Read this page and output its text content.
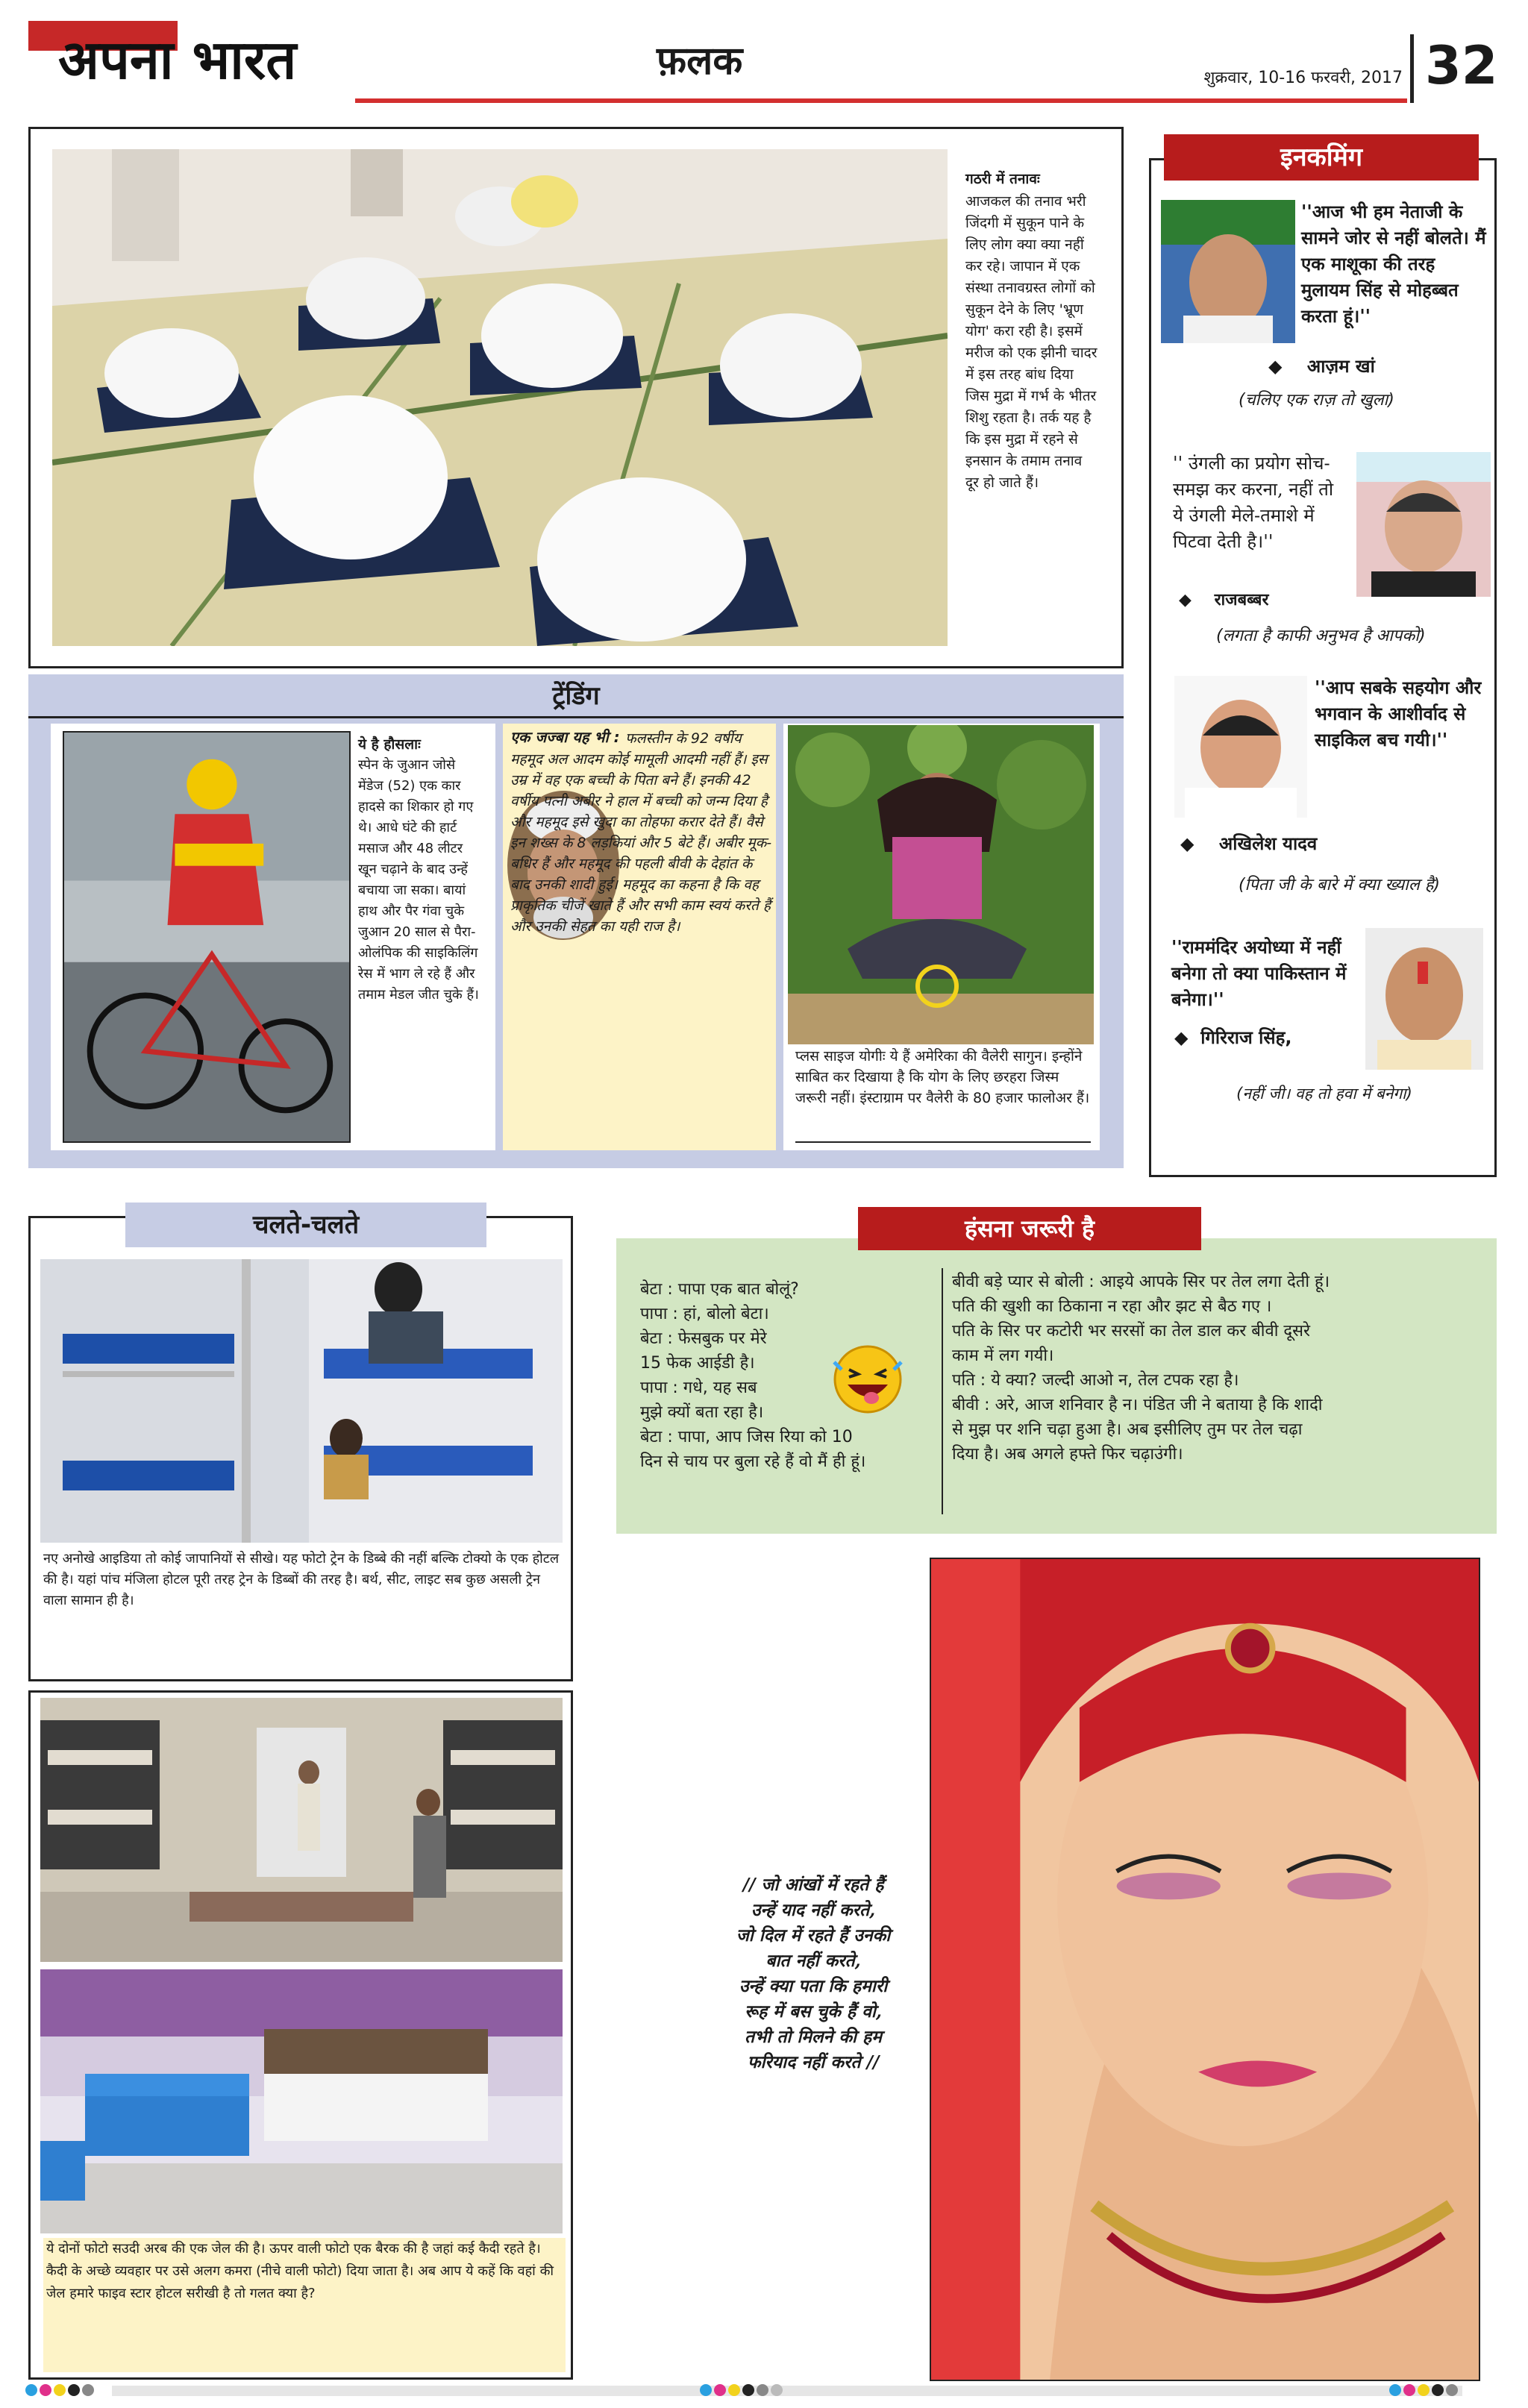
अपना भारत	फ़लक	शुक्रवार, 10-16 फरवरी, 2017 32
गठरी में तनावः
आजकल की तनाव भरी जिंदगी में सुकून पाने के लिए लोग क्या क्या नहीं कर रहे। जापान में एक संस्था तनावग्रस्त लोगों को सुकून देने के लिए 'भ्रूण योग' करा रही है। इसमें मरीज को एक झीनी चादर में इस तरह बांध दिया जिस मुद्रा में गर्भ के भीतर शिशु रहता है। तर्क यह है कि इस मुद्रा में रहने से इनसान के तमाम तनाव दूर हो जाते हैं।
इनकमिंग
''आज भी हम नेताजी के सामने जोर से नहीं बोलते। मैं एक माशूका की तरह मुलायम सिंह से मोहब्बत करता हूं।''
◆ आज़म खां
(चलिए एक राज़ तो खुला)
'' उंगली का प्रयोग सोच-समझ कर करना, नहीं तो ये उंगली मेले-तमाशे में पिटवा देती है।''
◆ राजबब्बर
(लगता है काफी अनुभव है आपको)
''आप सबके सहयोग और भगवान के आशीर्वाद से साइकिल बच गयी।''
◆ अखिलेश यादव
(पिता जी के बारे में क्या ख्याल है)
''राममंदिर अयोध्या में नहीं बनेगा तो क्या पाकिस्तान में बनेगा।''
◆ गिरिराज सिंह,
(नहीं जी। वह तो हवा में बनेगा)
ट्रेंडिंग
ये है हौसलाः
स्पेन के जुआन जोसे मेंडेज (52) एक कार हादसे का शिकार हो गए थे। आधे घंटे की हार्ट मसाज और 48 लीटर खून चढ़ाने के बाद उन्हें बचाया जा सका। बायां हाथ और पैर गंवा चुके जुआन 20 साल से पैरा-ओलंपिक की साइकिलिंग रेस में भाग ले रहे हैं और तमाम मेडल जीत चुके हैं।
एक जज्बा यह भी : फलस्तीन के 92 वर्षीय महमूद अल आदम कोई मामूली आदमी नहीं हैं। इस उम्र में वह एक बच्ची के पिता बने हैं। इनकी 42 वर्षीय पत्नी अबीर ने हाल में बच्ची को जन्म दिया है और महमूद इसे खुदा का तोहफा करार देते हैं। वैसे इन शख्स के 8 लड़कियां और 5 बेटे हैं। अबीर मूक-बधिर हैं और महमूद की पहली बीवी के देहांत के बाद उनकी शादी हुई। महमूद का कहना है कि वह प्राकृतिक चीजें खाते हैं और सभी काम स्वयं करते हैं और उनकी सेहत का यही राज है।
प्लस साइज योगीः ये हैं अमेरिका की वैलेरी सागुन। इन्होंने साबित कर दिखाया है कि योग के लिए छरहरा जिस्म जरूरी नहीं। इंस्टाग्राम पर वैलेरी के 80 हजार फालोअर हैं।
चलते-चलते
नए अनोखे आइडिया तो कोई जापानियों से सीखे। यह फोटो ट्रेन के डिब्बे की नहीं बल्कि टोक्यो के एक होटल की है। यहां पांच मंजिला होटल पूरी तरह ट्रेन के डिब्बों की तरह है। बर्थ, सीट, लाइट सब कुछ असली ट्रेन वाला सामान ही है।
ये दोनों फोटो सउदी अरब की एक जेल की है। ऊपर वाली फोटो एक बैरक की है जहां कई कैदी रहते है। कैदी के अच्छे व्यवहार पर उसे अलग कमरा (नीचे वाली फोटो) दिया जाता है। अब आप ये कहें कि वहां की जेल हमारे फाइव स्टार होटल सरीखी है तो गलत क्या है?
हंसना जरूरी है
बेटा : पापा एक बात बोलूं?
पापा : हां, बोलो बेटा।
बेटा : फेसबुक पर मेरे
15 फेक आईडी है।
पापा : गधे, यह सब
मुझे क्यों बता रहा है।
बेटा : पापा, आप जिस रिया को 10
दिन से चाय पर बुला रहे हैं वो मैं ही हूं।
बीवी बड़े प्यार से बोली : आइये आपके सिर पर तेल लगा देती हूं।
पति की खुशी का ठिकाना न रहा और झट से बैठ गए ।
पति के सिर पर कटोरी भर सरसों का तेल डाल कर बीवी दूसरे
काम में लग गयी।
पति : ये क्या? जल्दी आओ न, तेल टपक रहा है।
बीवी : अरे, आज शनिवार है न। पंडित जी ने बताया है कि शादी
से मुझ पर शनि चढ़ा हुआ है। अब इसीलिए तुम पर तेल चढ़ा
दिया है। अब अगले हफ्ते फिर चढ़ाउंगी।
// जो आंखों में रहते हैं
उन्हें याद नहीं करते,
जो दिल में रहते हैं उनकी
बात नहीं करते,
उन्हें क्या पता कि हमारी
रूह में बस चुके हैं वो,
तभी तो मिलने की हम
फरियाद नहीं करते //
